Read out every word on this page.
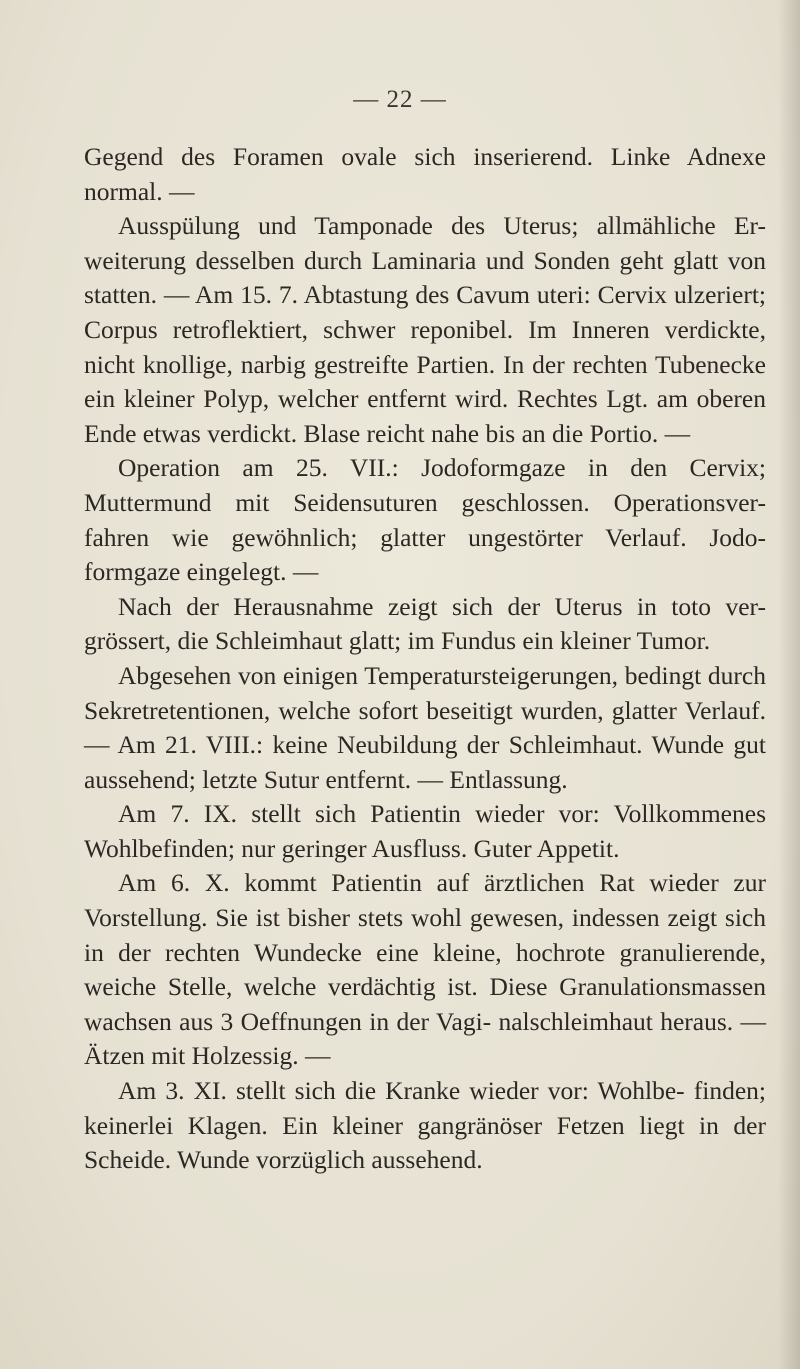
— 22 —

Gegend des Foramen ovale sich inserierend. Linke Adnexe normal. —

Ausspülung und Tamponade des Uterus; allmähliche Er- weiterung desselben durch Laminaria und Sonden geht glatt von statten. — Am 15. 7. Abtastung des Cavum uteri: Cervix ulzeriert; Corpus retroflektiert, schwer reponibel. Im Inneren verdickte, nicht knollige, narbig gestreifte Partien. In der rechten Tubenecke ein kleiner Polyp, welcher entfernt wird. Rechtes Lgt. am oberen Ende etwas verdickt. Blase reicht nahe bis an die Portio. —

Operation am 25. VII.: Jodoformgaze in den Cervix; Muttermund mit Seidensuturen geschlossen. Operationsver- fahren wie gewöhnlich; glatter ungestörter Verlauf. Jodo- formgaze eingelegt. —

Nach der Herausnahme zeigt sich der Uterus in toto ver- grössert, die Schleimhaut glatt; im Fundus ein kleiner Tumor.

Abgesehen von einigen Temperatursteigerungen, bedingt durch Sekretretentionen, welche sofort beseitigt wurden, glatter Verlauf. — Am 21. VIII.: keine Neubildung der Schleimhaut. Wunde gut aussehend; letzte Sutur entfernt. — Entlassung.

Am 7. IX. stellt sich Patientin wieder vor: Vollkommenes Wohlbefinden; nur geringer Ausfluss. Guter Appetit.

Am 6. X. kommt Patientin auf ärztlichen Rat wieder zur Vorstellung. Sie ist bisher stets wohl gewesen, indessen zeigt sich in der rechten Wundecke eine kleine, hochrote granulierende, weiche Stelle, welche verdächtig ist. Diese Granulationsmassen wachsen aus 3 Oeffnungen in der Vagi- nalschleimhaut heraus. — Ätzen mit Holzessig. —

Am 3. XI. stellt sich die Kranke wieder vor: Wohlbe- finden; keinerlei Klagen. Ein kleiner gangränöser Fetzen liegt in der Scheide. Wunde vorzüglich aussehend.
